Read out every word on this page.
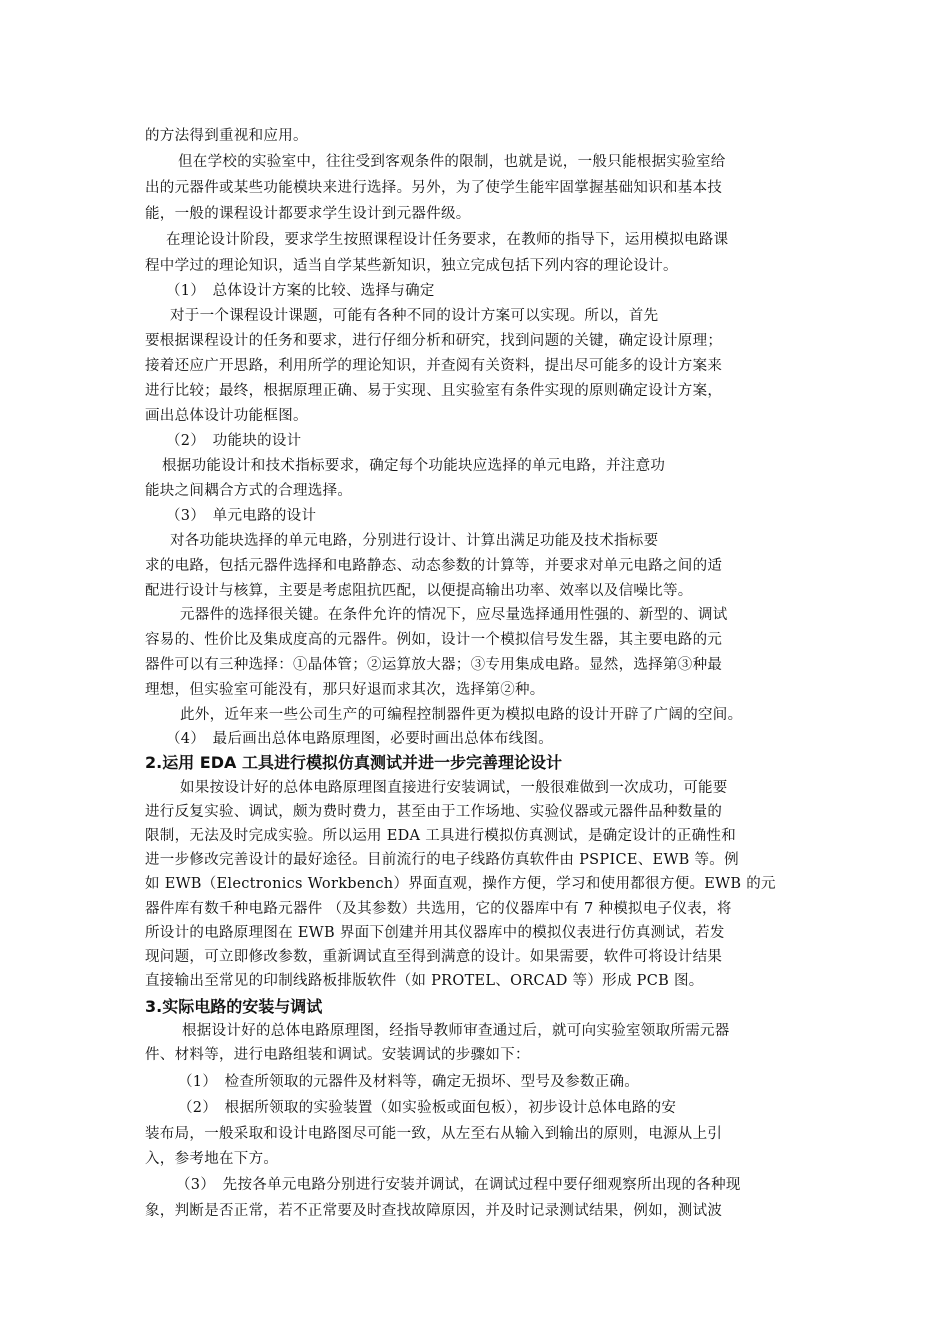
的方法得到重视和应用。
但在学校的实验室中，往往受到客观条件的限制，也就是说，一般只能根据实验室给
出的元器件或某些功能模块来进行选择。另外，为了使学生能牢固掌握基础知识和基本技
能，一般的课程设计都要求学生设计到元器件级。
在理论设计阶段，要求学生按照课程设计任务要求，在教师的指导下，运用模拟电路课
程中学过的理论知识，适当自学某些新知识，独立完成包括下列内容的理论设计。
（1）　总体设计方案的比较、选择与确定
对于一个课程设计课题，可能有各种不同的设计方案可以实现。所以，首先
要根据课程设计的任务和要求，进行仔细分析和研究，找到问题的关键，确定设计原理；
接着还应广开思路，利用所学的理论知识，并查阅有关资料，提出尽可能多的设计方案来
进行比较；最终，根据原理正确、易于实现、且实验室有条件实现的原则确定设计方案，
画出总体设计功能框图。
（2）　功能块的设计
根据功能设计和技术指标要求，确定每个功能块应选择的单元电路，并注意功
能块之间耦合方式的合理选择。
（3）　单元电路的设计
对各功能块选择的单元电路，分别进行设计、计算出满足功能及技术指标要
求的电路，包括元器件选择和电路静态、动态参数的计算等，并要求对单元电路之间的适
配进行设计与核算，主要是考虑阻抗匹配，以便提高输出功率、效率以及信噪比等。
元器件的选择很关键。在条件允许的情况下，应尽量选择通用性强的、新型的、调试
容易的、性价比及集成度高的元器件。例如，设计一个模拟信号发生器，其主要电路的元
器件可以有三种选择：①晶体管；②运算放大器；③专用集成电路。显然，选择第③种最
理想，但实验室可能没有，那只好退而求其次，选择第②种。
此外，近年来一些公司生产的可编程控制器件更为模拟电路的设计开辟了广阔的空间。
（4）　最后画出总体电路原理图，必要时画出总体布线图。
2.运用 EDA 工具进行模拟仿真测试并进一步完善理论设计
如果按设计好的总体电路原理图直接进行安装调试，一般很难做到一次成功，可能要
进行反复实验、调试，颇为费时费力，甚至由于工作场地、实验仪器或元器件品种数量的
限制，无法及时完成实验。所以运用 EDA 工具进行模拟仿真测试，是确定设计的正确性和
进一步修改完善设计的最好途径。目前流行的电子线路仿真软件由 PSPICE、EWB 等。例
如 EWB（Electronics Workbench）界面直观，操作方便，学习和使用都很方便。EWB 的元
器件库有数千种电路元器件 （及其参数）共选用，它的仪器库中有 7 种模拟电子仪表，将
所设计的电路原理图在 EWB 界面下创建并用其仪器库中的模拟仪表进行仿真测试，若发
现问题，可立即修改参数，重新调试直至得到满意的设计。如果需要，软件可将设计结果
直接输出至常见的印制线路板排版软件（如 PROTEL、ORCAD 等）形成 PCB 图。
3.实际电路的安装与调试
根据设计好的总体电路原理图，经指导教师审查通过后，就可向实验室领取所需元器
件、材料等，进行电路组装和调试。安装调试的步骤如下：
（1）　检查所领取的元器件及材料等，确定无损坏、型号及参数正确。
（2）　根据所领取的实验装置（如实验板或面包板），初步设计总体电路的安
装布局，一般采取和设计电路图尽可能一致，从左至右从输入到输出的原则，电源从上引
入，参考地在下方。
（3）　先按各单元电路分别进行安装并调试，在调试过程中要仔细观察所出现的各种现
象，判断是否正常，若不正常要及时查找故障原因，并及时记录测试结果，例如，测试波
